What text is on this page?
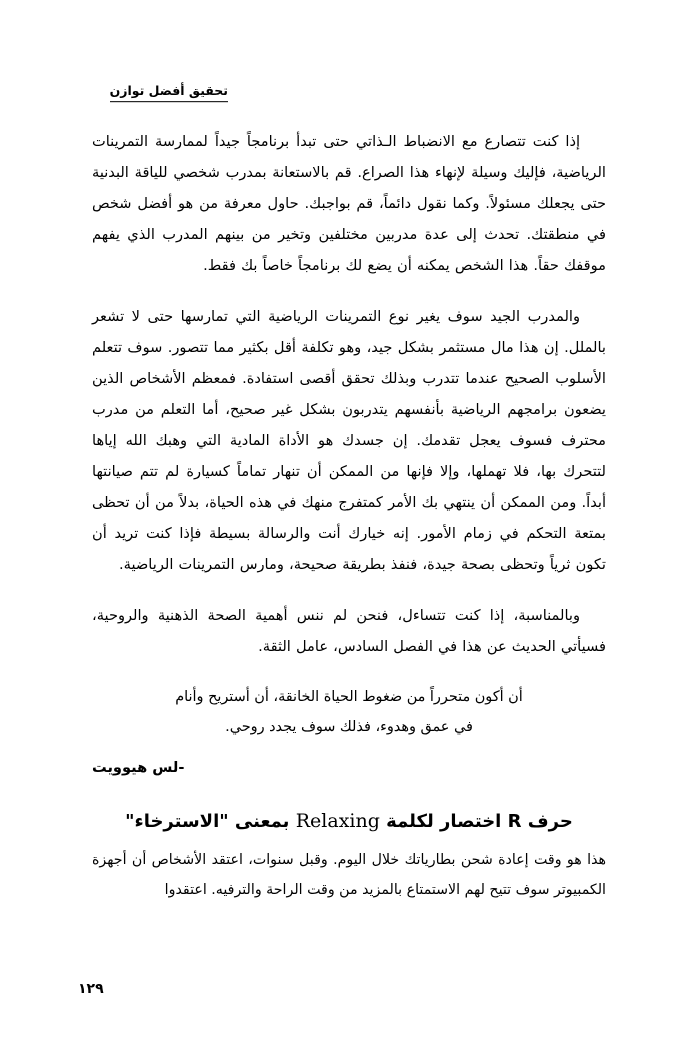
تحقيق أفضل توازن

إذا كنت تتصارع مع الانضباط الـذاتي حتى تبدأ برنامجاً جيداً لممارسة التمرينات الرياضية، فإليك وسيلة لإنهاء هذا الصراع. قم بالاستعانة بمدرب شخصي للياقة البدنية حتى يجعلك مسئولاً. وكما نقول دائماً، قم بواجبك. حاول معرفة من هو أفضل شخص في منطقتك. تحدث إلى عدة مدربين مختلفين وتخير من بينهم المدرب الذي يفهم موقفك حقاً. هذا الشخص يمكنه أن يضع لك برنامجاً خاصاً بك فقط.

والمدرب الجيد سوف يغير نوع التمرينات الرياضية التي تمارسها حتى لا تشعر بالملل. إن هذا مال مستثمر بشكل جيد، وهو تكلفة أقل بكثير مما تتصور. سوف تتعلم الأسلوب الصحيح عندما تتدرب وبذلك تحقق أقصى استفادة. فمعظم الأشخاص الذين يضعون برامجهم الرياضية بأنفسهم يتدربون بشكل غير صحيح، أما التعلم من مدرب محترف فسوف يعجل تقدمك. إن جسدك هو الأداة المادية التي وهبك الله إياها لتتحرك بها، فلا تهملها، وإلا فإنها من الممكن أن تنهار تماماً كسيارة لم تتم صيانتها أبداً. ومن الممكن أن ينتهي بك الأمر كمتفرج منهك في هذه الحياة، بدلاً من أن تحظى بمتعة التحكم في زمام الأمور. إنه خيارك أنت والرسالة بسيطة فإذا كنت تريد أن تكون ثرياً وتحظى بصحة جيدة، فنفذ بطريقة صحيحة، ومارس التمرينات الرياضية.

وبالمناسبة، إذا كنت تتساءل، فنحن لم ننس أهمية الصحة الذهنية والروحية، فسيأتي الحديث عن هذا في الفصل السادس، عامل الثقة.

أن أكون متحرراً من ضغوط الحياة الخانقة، أن أستريح وأنام
في عمق وهدوء، فذلك سوف يجدد روحي.
-لس هيوويت
حرف R اختصار لكلمة Relaxing بمعنى "الاسترخاء"

هذا هو وقت إعادة شحن بطارياتك خلال اليوم. وقبل سنوات، اعتقد الأشخاص أن أجهزة الكمبيوتر سوف تتيح لهم الاستمتاع بالمزيد من وقت الراحة والترفيه. اعتقدوا

١٢٩
